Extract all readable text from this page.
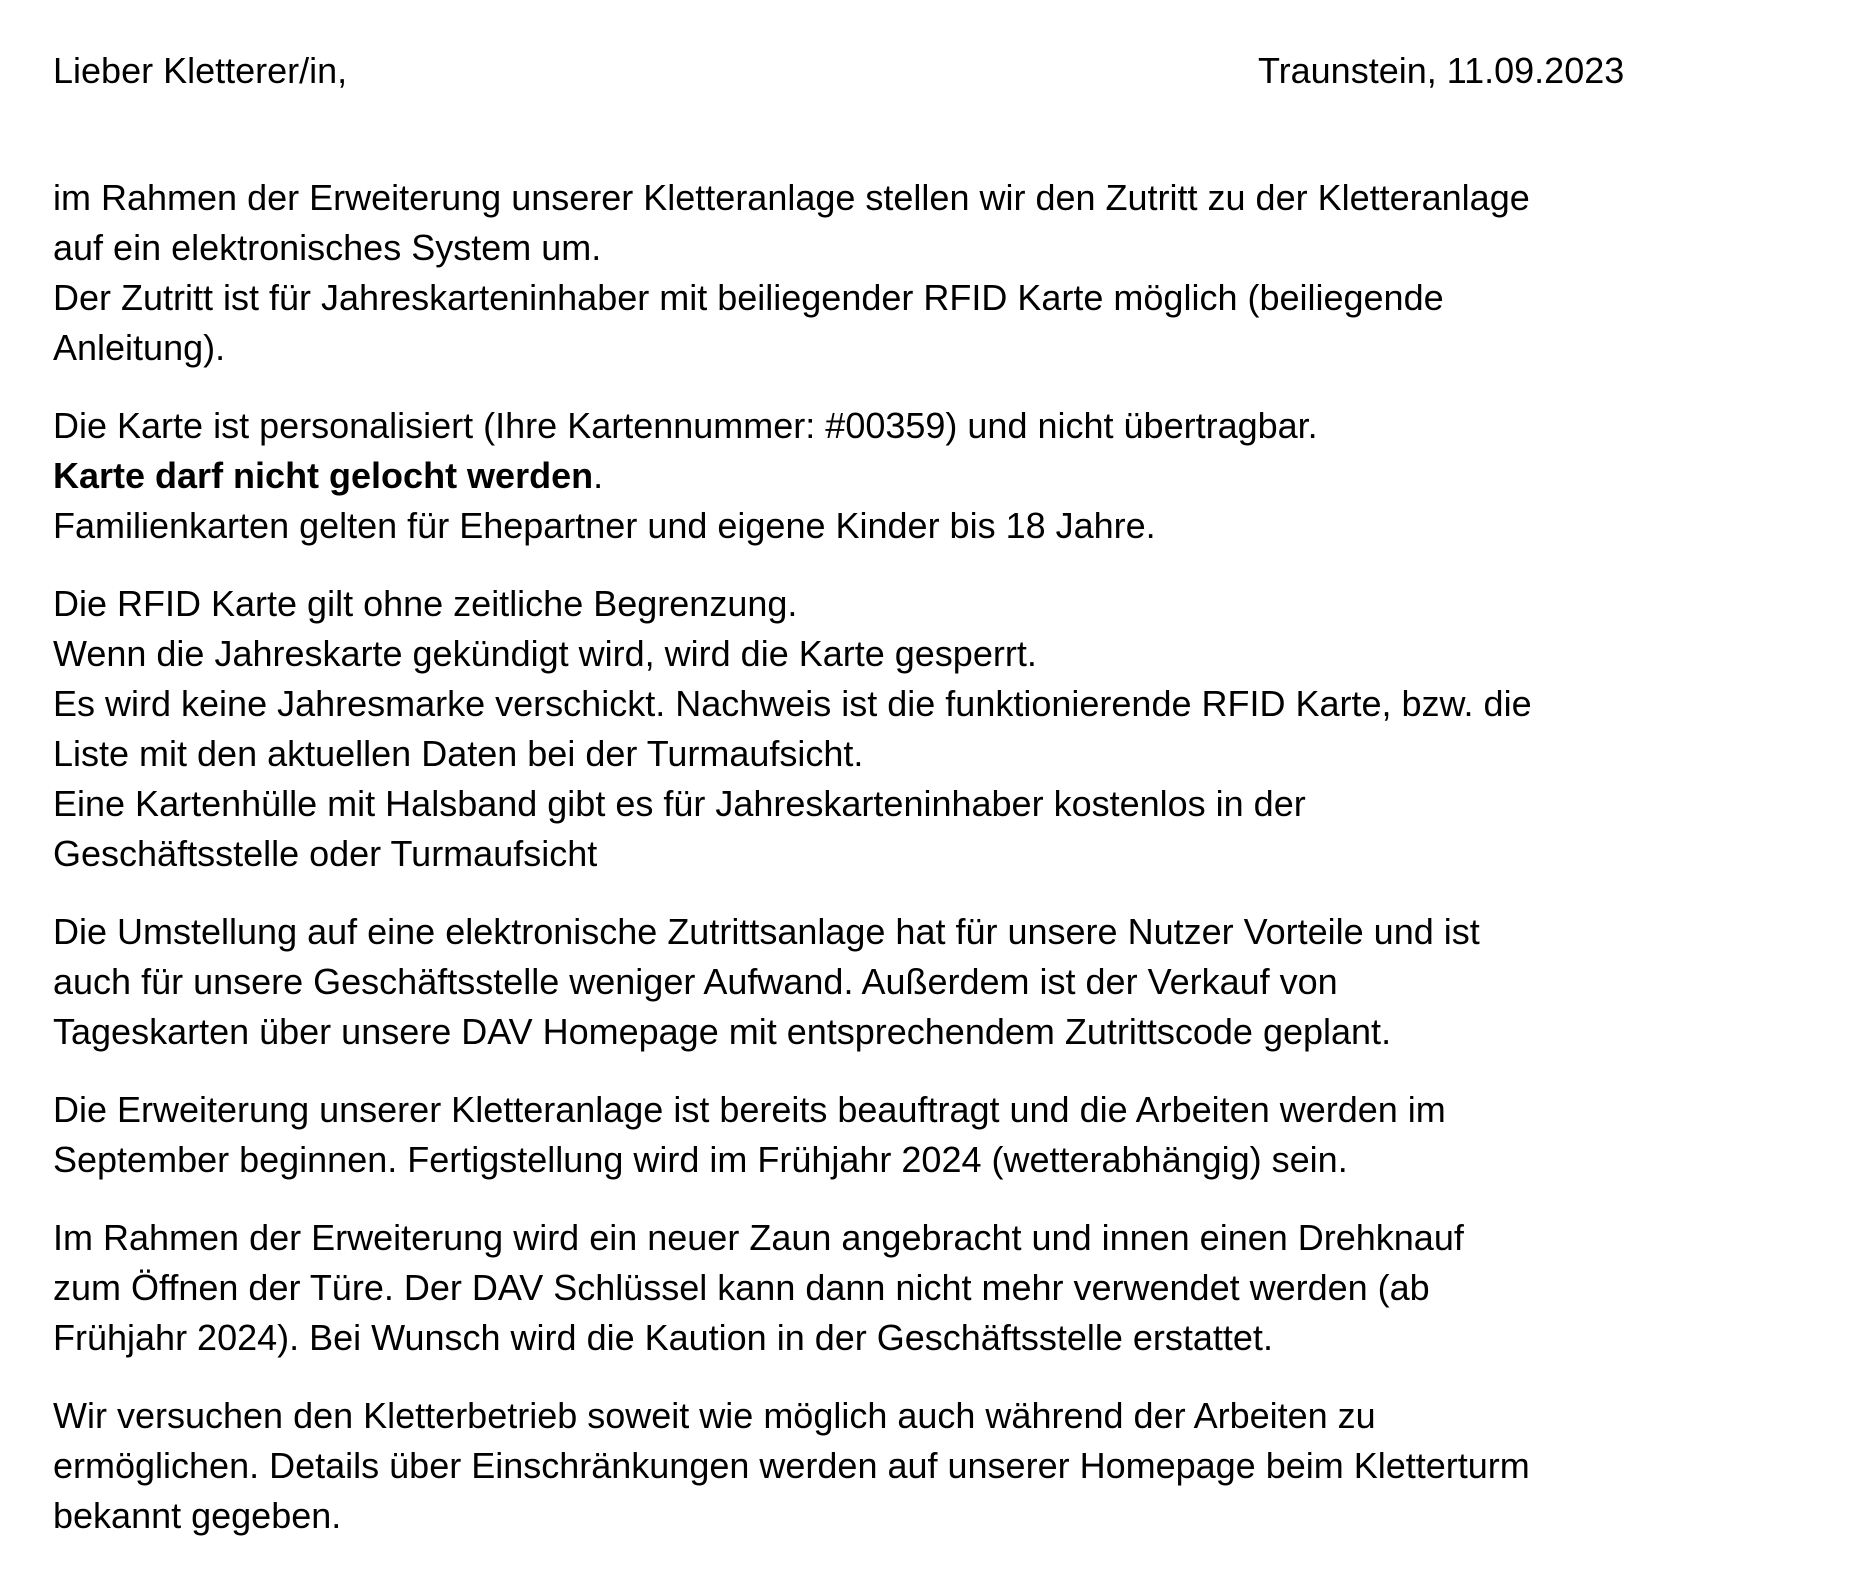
Lieber Kletterer/in,	Traunstein, 11.09.2023

im Rahmen der Erweiterung unserer Kletteranlage stellen wir den Zutritt zu der Kletteranlage
auf ein elektronisches System um.
Der Zutritt ist für Jahreskarteninhaber mit beiliegender RFID Karte möglich (beiliegende
Anleitung).

Die Karte ist personalisiert (Ihre Kartennummer: #00359) und nicht übertragbar.
Karte darf nicht gelocht werden.
Familienkarten gelten für Ehepartner und eigene Kinder bis 18 Jahre.

Die RFID Karte gilt ohne zeitliche Begrenzung.
Wenn die Jahreskarte gekündigt wird, wird die Karte gesperrt.
Es wird keine Jahresmarke verschickt. Nachweis ist die funktionierende RFID Karte, bzw. die
Liste mit den aktuellen Daten bei der Turmaufsicht.
Eine Kartenhülle mit Halsband gibt es für Jahreskarteninhaber kostenlos in der
Geschäftsstelle oder Turmaufsicht

Die Umstellung auf eine elektronische Zutrittsanlage hat für unsere Nutzer Vorteile und ist
auch für unsere Geschäftsstelle weniger Aufwand. Außerdem ist der Verkauf von
Tageskarten über unsere DAV Homepage mit entsprechendem Zutrittscode geplant.

Die Erweiterung unserer Kletteranlage ist bereits beauftragt und die Arbeiten werden im
September beginnen. Fertigstellung wird im Frühjahr 2024 (wetterabhängig) sein.

Im Rahmen der Erweiterung wird ein neuer Zaun angebracht und innen einen Drehknauf
zum Öffnen der Türe. Der DAV Schlüssel kann dann nicht mehr verwendet werden (ab
Frühjahr 2024). Bei Wunsch wird die Kaution in der Geschäftsstelle erstattet.

Wir versuchen den Kletterbetrieb soweit wie möglich auch während der Arbeiten zu
ermöglichen. Details über Einschränkungen werden auf unserer Homepage beim Kletterturm
bekannt gegeben.
